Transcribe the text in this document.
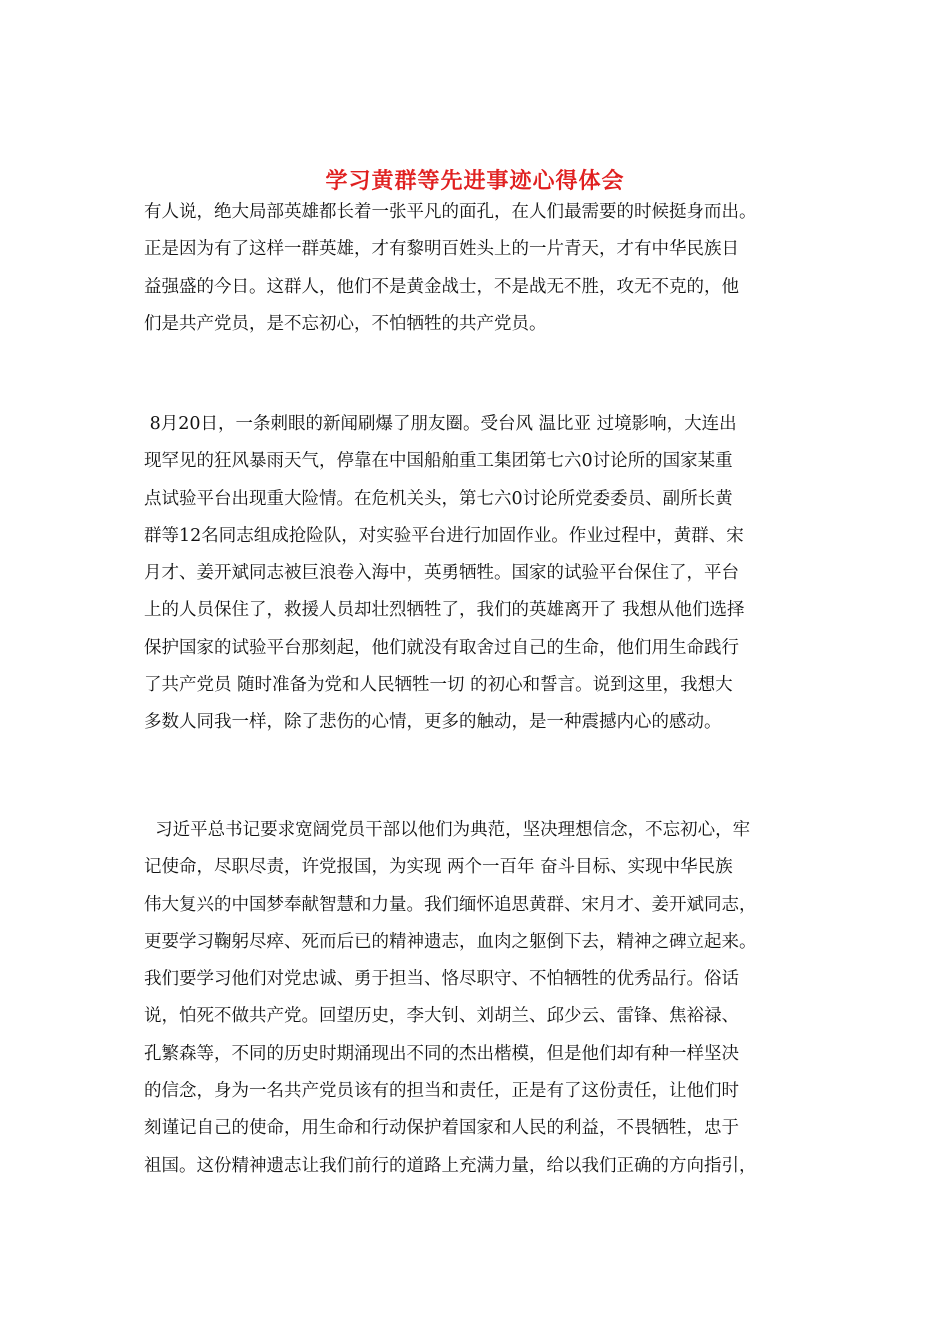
学习黄群等先进事迹心得体会
有人说，绝大局部英雄都长着一张平凡的面孔，在人们最需要的时候挺身而出。
正是因为有了这样一群英雄，才有黎明百姓头上的一片青天，才有中华民族日
益强盛的今日。这群人，他们不是黄金战士，不是战无不胜，攻无不克的，他
们是共产党员，是不忘初心，不怕牺牲的共产党员。
8月20日，一条刺眼的新闻刷爆了朋友圈。受台风 温比亚 过境影响，大连出
现罕见的狂风暴雨天气，停靠在中国船舶重工集团第七六0讨论所的国家某重
点试验平台出现重大险情。在危机关头，第七六0讨论所党委委员、副所长黄
群等12名同志组成抢险队，对实验平台进行加固作业。作业过程中，黄群、宋
月才、姜开斌同志被巨浪卷入海中，英勇牺牲。国家的试验平台保住了，平台
上的人员保住了，救援人员却壮烈牺牲了，我们的英雄离开了 我想从他们选择
保护国家的试验平台那刻起，他们就没有取舍过自己的生命，他们用生命践行
了共产党员 随时准备为党和人民牺牲一切 的初心和誓言。说到这里，我想大
多数人同我一样，除了悲伤的心情，更多的触动，是一种震撼内心的感动。
习近平总书记要求宽阔党员干部以他们为典范，坚决理想信念，不忘初心，牢
记使命，尽职尽责，许党报国，为实现 两个一百年 奋斗目标、实现中华民族
伟大复兴的中国梦奉献智慧和力量。我们缅怀追思黄群、宋月才、姜开斌同志，
更要学习鞠躬尽瘁、死而后已的精神遗志，血肉之躯倒下去，精神之碑立起来。
我们要学习他们对党忠诚、勇于担当、恪尽职守、不怕牺牲的优秀品行。俗话
说，怕死不做共产党。回望历史，李大钊、刘胡兰、邱少云、雷锋、焦裕禄、
孔繁森等，不同的历史时期涌现出不同的杰出楷模，但是他们却有种一样坚决
的信念，身为一名共产党员该有的担当和责任，正是有了这份责任，让他们时
刻谨记自己的使命，用生命和行动保护着国家和人民的利益，不畏牺牲，忠于
祖国。这份精神遗志让我们前行的道路上充满力量，给以我们正确的方向指引，
